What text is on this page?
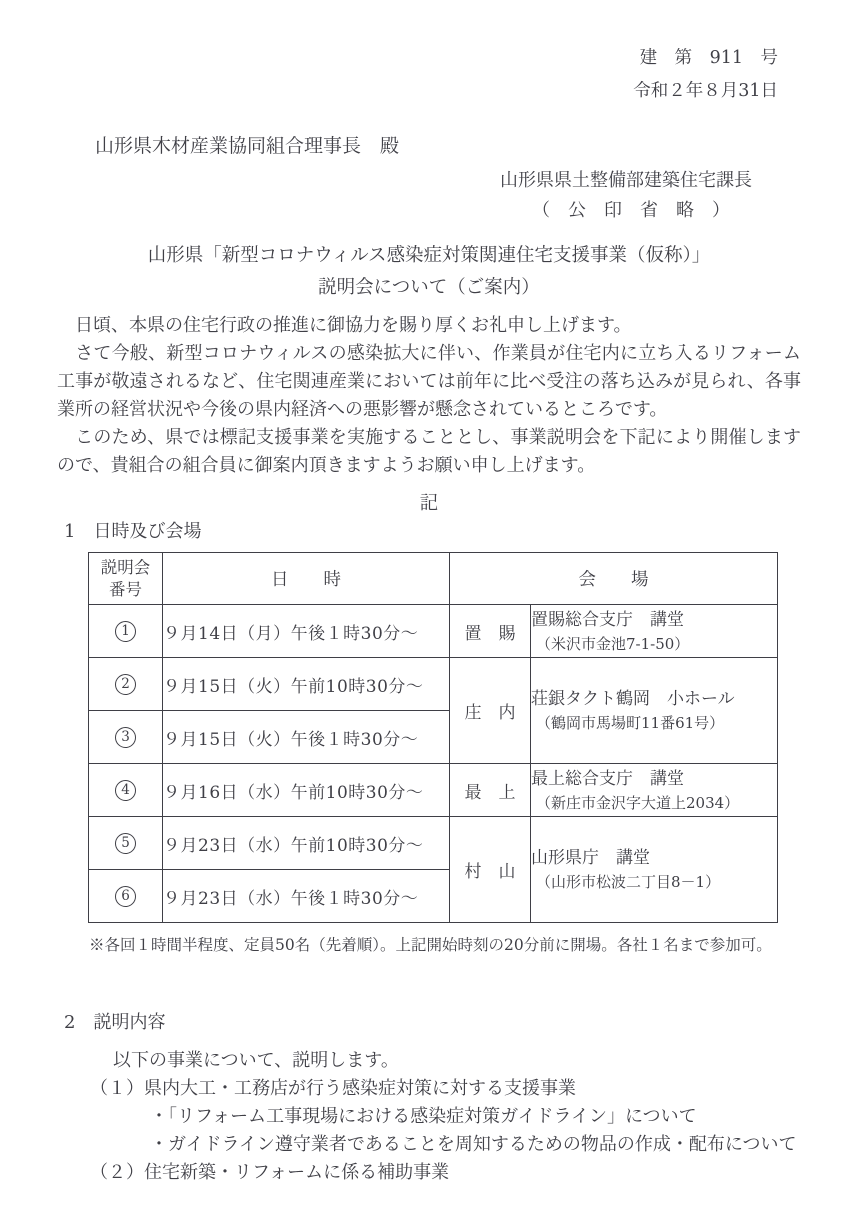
建　第　911　号
令和２年８月31日
山形県木材産業協同組合理事長　殿
山形県県土整備部建築住宅課長
（　公　印　省　略　）
山形県「新型コロナウィルス感染症対策関連住宅支援事業（仮称）」
説明会について（ご案内）

　日頃、本県の住宅行政の推進に御協力を賜り厚くお礼申し上げます。

　さて今般、新型コロナウィルスの感染拡大に伴い、作業員が住宅内に立ち入るリフォーム工事が敬遠されるなど、住宅関連産業においては前年に比べ受注の落ち込みが見られ、各事業所の経営状況や今後の県内経済への悪影響が懸念されているところです。

　このため、県では標記支援事業を実施することとし、事業説明会を下記により開催しますので、貴組合の組合員に御案内頂きますようお願い申し上げます。

記
1　日時及び会場
説明会
番号	日　　時	会　　場	
1	９月14日（月）午後１時30分～	置　賜	置賜総合支庁　講堂
（米沢市金池7-1-50）

2	９月15日（火）午前10時30分～	庄　内	荘銀タクト鶴岡　小ホール
（鶴岡市馬場町11番61号）

3	９月15日（火）午後１時30分～		
4	９月16日（水）午前10時30分～	最　上	最上総合支庁　講堂
（新庄市金沢字大道上2034）

5	９月23日（水）午前10時30分～	村　山	山形県庁　講堂
（山形市松波二丁目8－1）

6	９月23日（水）午後１時30分～		
※各回１時間半程度、定員50名（先着順）。上記開始時刻の20分前に開場。各社１名まで参加可。
2　説明内容
以下の事業について、説明します。
（１）県内大工・工務店が行う感染症対策に対する支援事業
・「リフォーム工事現場における感染症対策ガイドライン」について
・ガイドライン遵守業者であることを周知するための物品の作成・配布について
（２）住宅新築・リフォームに係る補助事業
